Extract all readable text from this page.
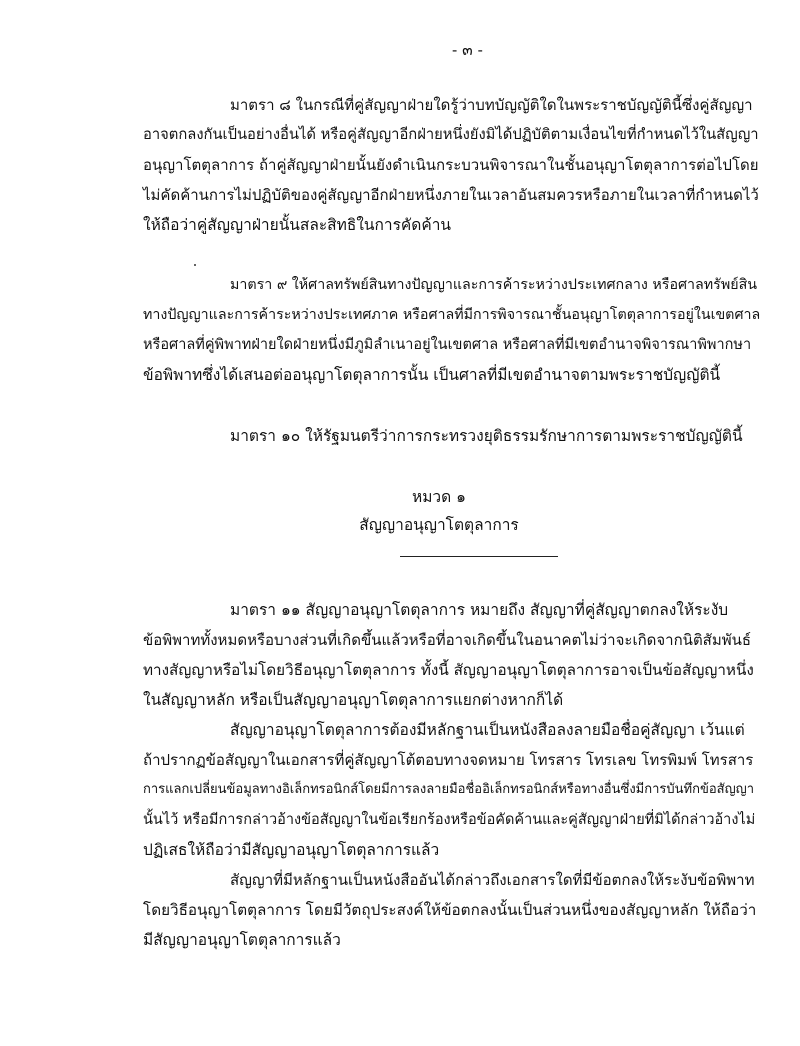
- ๓ -
มาตรา ๘ ในกรณีที่คู่สัญญาฝ่ายใดรู้ว่าบทบัญญัติใดในพระราชบัญญัตินี้ซึ่งคู่สัญญา
อาจตกลงกันเป็นอย่างอื่นได้ หรือคู่สัญญาอีกฝ่ายหนึ่งยังมิได้ปฏิบัติตามเงื่อนไขที่กำหนดไว้ในสัญญา
อนุญาโตตุลาการ ถ้าคู่สัญญาฝ่ายนั้นยังดำเนินกระบวนพิจารณาในชั้นอนุญาโตตุลาการต่อไปโดย
ไม่คัดค้านการไม่ปฏิบัติของคู่สัญญาอีกฝ่ายหนึ่งภายในเวลาอันสมควรหรือภายในเวลาที่กำหนดไว้
ให้ถือว่าคู่สัญญาฝ่ายนั้นสละสิทธิในการคัดค้าน
มาตรา ๙ ให้ศาลทรัพย์สินทางปัญญาและการค้าระหว่างประเทศกลาง หรือศาลทรัพย์สิน
ทางปัญญาและการค้าระหว่างประเทศภาค หรือศาลที่มีการพิจารณาชั้นอนุญาโตตุลาการอยู่ในเขตศาล
หรือศาลที่คู่พิพาทฝ่ายใดฝ่ายหนึ่งมีภูมิลำเนาอยู่ในเขตศาล หรือศาลที่มีเขตอำนาจพิจารณาพิพากษา
ข้อพิพาทซึ่งได้เสนอต่ออนุญาโตตุลาการนั้น เป็นศาลที่มีเขตอำนาจตามพระราชบัญญัตินี้
มาตรา ๑๐ ให้รัฐมนตรีว่าการกระทรวงยุติธรรมรักษาการตามพระราชบัญญัตินี้
หมวด ๑
สัญญาอนุญาโตตุลาการ
มาตรา ๑๑ สัญญาอนุญาโตตุลาการ หมายถึง สัญญาที่คู่สัญญาตกลงให้ระงับ
ข้อพิพาททั้งหมดหรือบางส่วนที่เกิดขึ้นแล้วหรือที่อาจเกิดขึ้นในอนาคตไม่ว่าจะเกิดจากนิติสัมพันธ์
ทางสัญญาหรือไม่โดยวิธีอนุญาโตตุลาการ ทั้งนี้ สัญญาอนุญาโตตุลาการอาจเป็นข้อสัญญาหนึ่ง
ในสัญญาหลัก หรือเป็นสัญญาอนุญาโตตุลาการแยกต่างหากก็ได้
สัญญาอนุญาโตตุลาการต้องมีหลักฐานเป็นหนังสือลงลายมือชื่อคู่สัญญา เว้นแต่
ถ้าปรากฏข้อสัญญาในเอกสารที่คู่สัญญาโต้ตอบทางจดหมาย โทรสาร โทรเลข โทรพิมพ์ โทรสาร
การแลกเปลี่ยนข้อมูลทางอิเล็กทรอนิกส์โดยมีการลงลายมือชื่ออิเล็กทรอนิกส์หรือทางอื่นซึ่งมีการบันทึกข้อสัญญา
นั้นไว้ หรือมีการกล่าวอ้างข้อสัญญาในข้อเรียกร้องหรือข้อคัดค้านและคู่สัญญาฝ่ายที่มิได้กล่าวอ้างไม่
ปฏิเสธให้ถือว่ามีสัญญาอนุญาโตตุลาการแล้ว
สัญญาที่มีหลักฐานเป็นหนังสืออันได้กล่าวถึงเอกสารใดที่มีข้อตกลงให้ระงับข้อพิพาท
โดยวิธีอนุญาโตตุลาการ โดยมีวัตถุประสงค์ให้ข้อตกลงนั้นเป็นส่วนหนึ่งของสัญญาหลัก ให้ถือว่า
มีสัญญาอนุญาโตตุลาการแล้ว
